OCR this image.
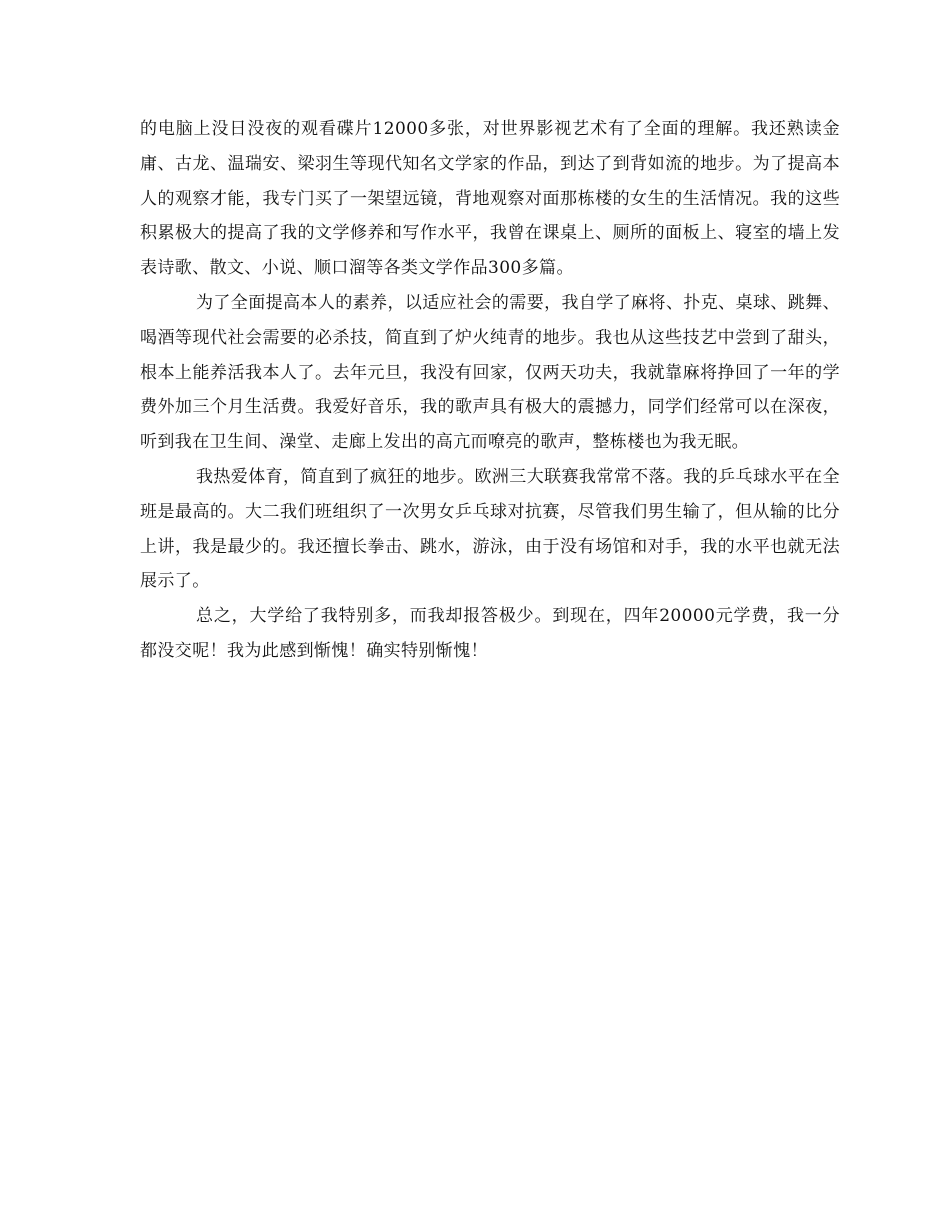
的电脑上没日没夜的观看碟片12000多张，对世界影视艺术有了全面的理解。我还熟读金庸、古龙、温瑞安、梁羽生等现代知名文学家的作品，到达了到背如流的地步。为了提高本人的观察才能，我专门买了一架望远镜，背地观察对面那栋楼的女生的生活情况。我的这些积累极大的提高了我的文学修养和写作水平，我曾在课桌上、厕所的面板上、寝室的墙上发表诗歌、散文、小说、顺口溜等各类文学作品300多篇。

为了全面提高本人的素养，以适应社会的需要，我自学了麻将、扑克、桌球、跳舞、喝酒等现代社会需要的必杀技，简直到了炉火纯青的地步。我也从这些技艺中尝到了甜头，根本上能养活我本人了。去年元旦，我没有回家，仅两天功夫，我就靠麻将挣回了一年的学费外加三个月生活费。我爱好音乐，我的歌声具有极大的震撼力，同学们经常可以在深夜，听到我在卫生间、澡堂、走廊上发出的高亢而嘹亮的歌声，整栋楼也为我无眠。

我热爱体育，简直到了疯狂的地步。欧洲三大联赛我常常不落。我的乒乓球水平在全班是最高的。大二我们班组织了一次男女乒乓球对抗赛，尽管我们男生输了，但从输的比分上讲，我是最少的。我还擅长拳击、跳水，游泳，由于没有场馆和对手，我的水平也就无法展示了。

总之，大学给了我特别多，而我却报答极少。到现在，四年20000元学费，我一分都没交呢！我为此感到惭愧！确实特别惭愧！
